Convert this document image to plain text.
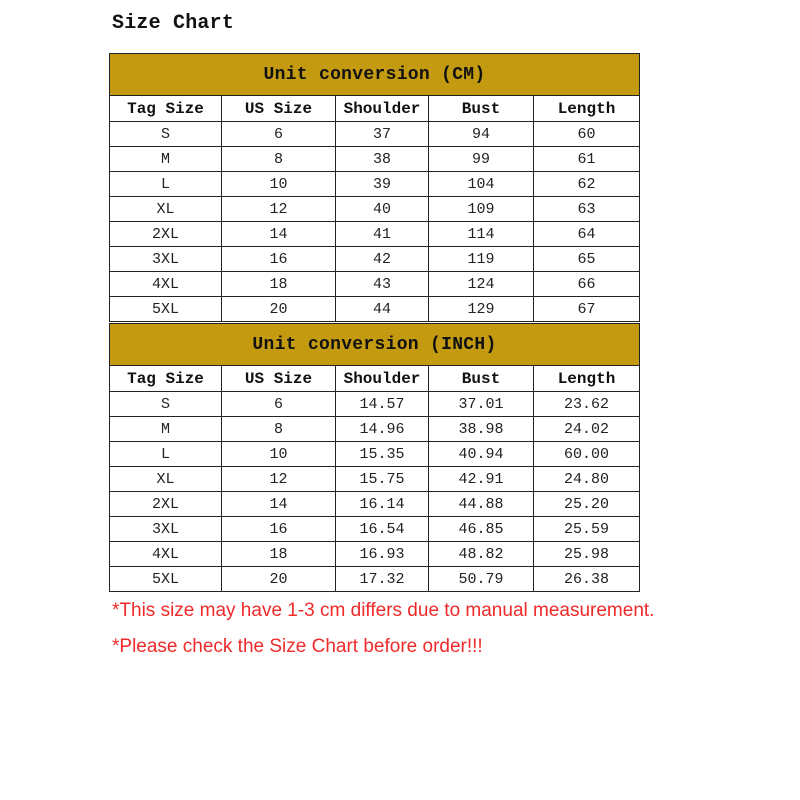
Size Chart
Unit conversion (CM)				
Tag Size	US Size	Shoulder	Bust	Length
S	6	37	94	60
M	8	38	99	61
L	10	39	104	62
XL	12	40	109	63
2XL	14	41	114	64
3XL	16	42	119	65
4XL	18	43	124	66
5XL	20	44	129	67
Unit conversion (INCH)				
Tag Size	US Size	Shoulder	Bust	Length
S	6	14.57	37.01	23.62
M	8	14.96	38.98	24.02
L	10	15.35	40.94	60.00
XL	12	15.75	42.91	24.80
2XL	14	16.14	44.88	25.20
3XL	16	16.54	46.85	25.59
4XL	18	16.93	48.82	25.98
5XL	20	17.32	50.79	26.38
*This size may have 1-3 cm differs due to manual measurement.
*Please check the Size Chart before order!!!
